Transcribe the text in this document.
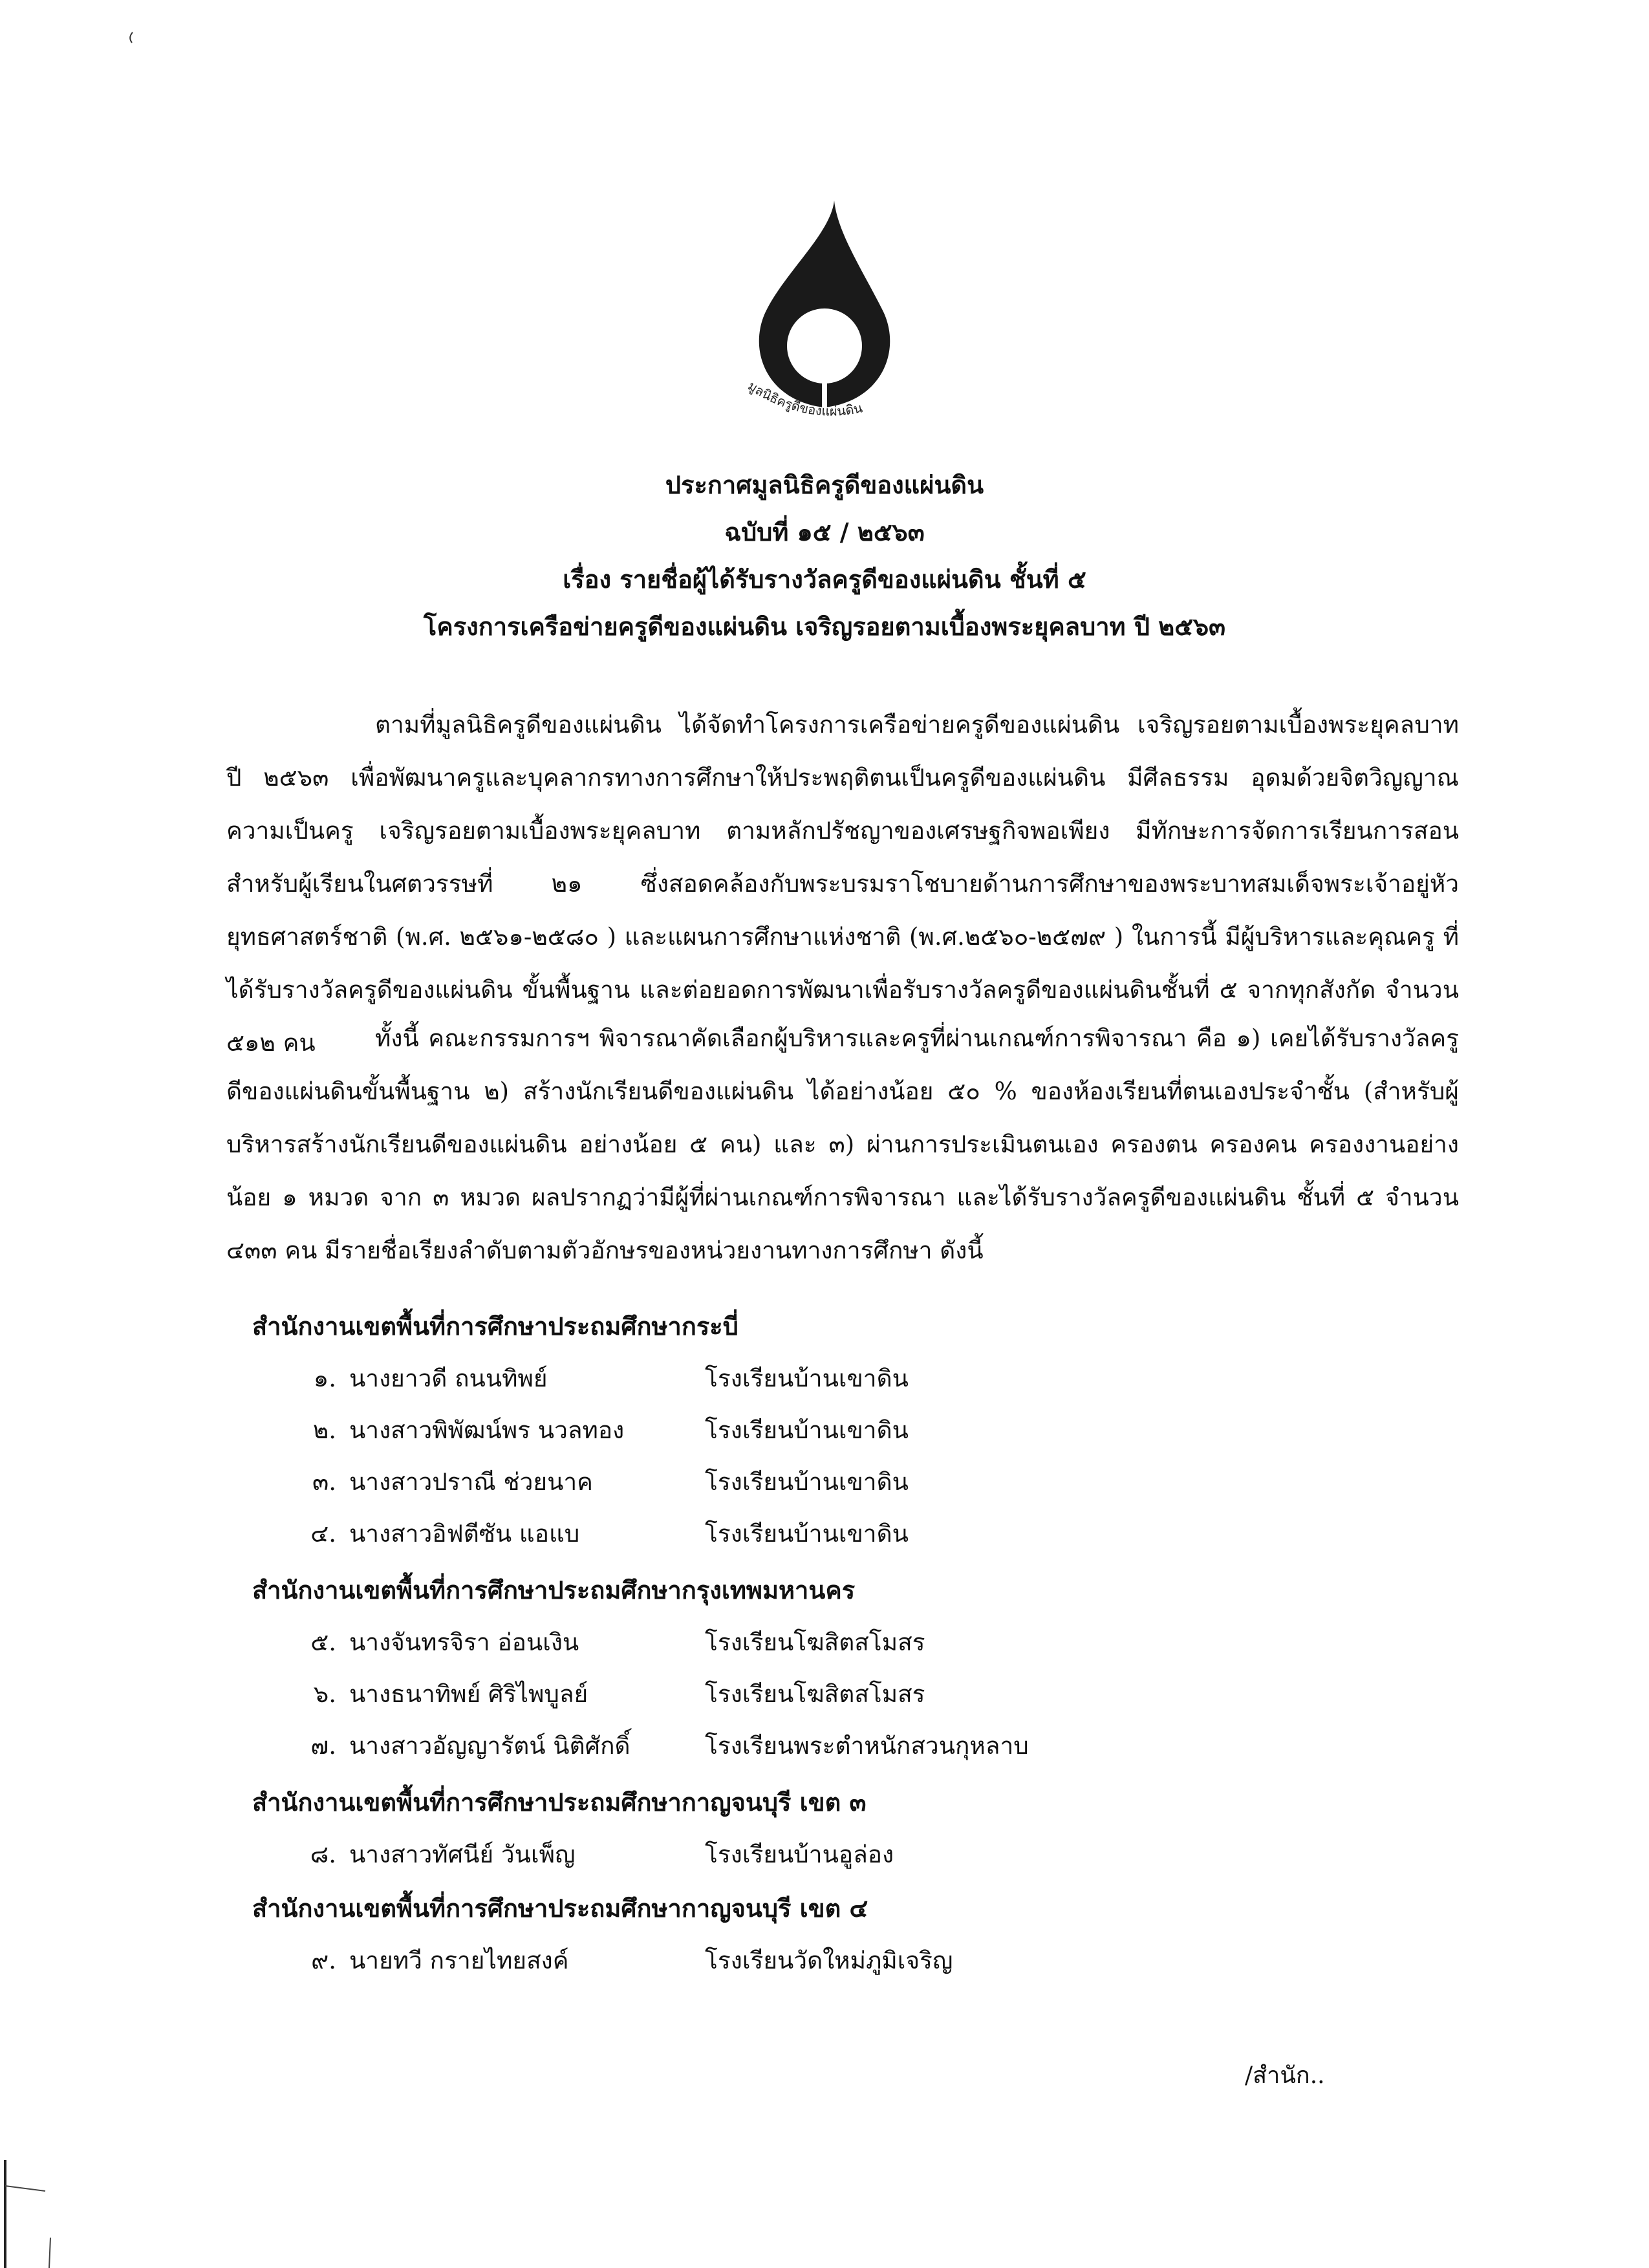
มูลนิธิครูดีของแผ่นดิน

ประกาศมูลนิธิครูดีของแผ่นดิน

ฉบับที่ ๑๕ / ๒๕๖๓

เรื่อง รายชื่อผู้ได้รับรางวัลครูดีของแผ่นดิน ชั้นที่ ๕

โครงการเครือข่ายครูดีของแผ่นดิน เจริญรอยตามเบื้องพระยุคลบาท ปี ๒๕๖๓

ตามที่มูลนิธิครูดีของแผ่นดิน ได้จัดทำโครงการเครือข่ายครูดีของแผ่นดิน เจริญรอยตามเบื้องพระยุคลบาท ปี ๒๕๖๓ เพื่อพัฒนาครูและบุคลากรทางการศึกษาให้ประพฤติตนเป็นครูดีของแผ่นดิน มีศีลธรรม อุดมด้วยจิตวิญญาณความเป็นครู เจริญรอยตามเบื้องพระยุคลบาท ตามหลักปรัชญาของเศรษฐกิจพอเพียง มีทักษะการจัดการเรียนการสอนสำหรับผู้เรียนในศตวรรษที่ ๒๑ ซึ่งสอดคล้องกับพระบรมราโชบายด้านการศึกษาของพระบาทสมเด็จพระเจ้าอยู่หัว ยุทธศาสตร์ชาติ (พ.ศ. ๒๕๖๑-๒๕๘๐ ) และแผนการศึกษาแห่งชาติ (พ.ศ.๒๕๖๐-๒๕๗๙ ) ในการนี้ มีผู้บริหารและคุณครู ที่ได้รับรางวัลครูดีของแผ่นดิน ขั้นพื้นฐาน และต่อยอดการพัฒนาเพื่อรับรางวัลครูดีของแผ่นดินชั้นที่ ๕ จากทุกสังกัด จำนวน ๕๑๒ คน	ทั้งนี้ คณะกรรมการฯ พิจารณาคัดเลือกผู้บริหารและครูที่ผ่านเกณฑ์การพิจารณา คือ ๑) เคยได้รับรางวัลครูดีของแผ่นดินขั้นพื้นฐาน ๒) สร้างนักเรียนดีของแผ่นดิน ได้อย่างน้อย ๕๐ % ของห้องเรียนที่ตนเองประจำชั้น (สำหรับผู้บริหารสร้างนักเรียนดีของแผ่นดิน อย่างน้อย ๕ คน) และ ๓) ผ่านการประเมินตนเอง ครองตน ครองคน ครองงานอย่างน้อย ๑ หมวด จาก ๓ หมวด ผลปรากฏว่ามีผู้ที่ผ่านเกณฑ์การพิจารณา และได้รับรางวัลครูดีของแผ่นดิน ชั้นที่ ๕ จำนวน ๔๓๓ คน มีรายชื่อเรียงลำดับตามตัวอักษรของหน่วยงานทางการศึกษา ดังนี้

สำนักงานเขตพื้นที่การศึกษาประถมศึกษากระบี่
๑. นางยาวดี ถนนทิพย์	โรงเรียนบ้านเขาดิน
๒. นางสาวพิพัฒน์พร นวลทอง	โรงเรียนบ้านเขาดิน
๓. นางสาวปราณี ช่วยนาค	โรงเรียนบ้านเขาดิน
๔. นางสาวอิฟตีซัน แอแบ	โรงเรียนบ้านเขาดิน
สำนักงานเขตพื้นที่การศึกษาประถมศึกษากรุงเทพมหานคร
๕. นางจันทรจิรา อ่อนเงิน	โรงเรียนโฆสิตสโมสร
๖. นางธนาทิพย์ ศิริไพบูลย์	โรงเรียนโฆสิตสโมสร
๗. นางสาวอัญญารัตน์ นิติศักดิ์	โรงเรียนพระตำหนักสวนกุหลาบ
สำนักงานเขตพื้นที่การศึกษาประถมศึกษากาญจนบุรี เขต ๓
๘. นางสาวทัศนีย์ วันเพ็ญ	โรงเรียนบ้านอูล่อง
สำนักงานเขตพื้นที่การศึกษาประถมศึกษากาญจนบุรี เขต ๔
๙. นายทวี กรายไทยสงค์	โรงเรียนวัดใหม่ภูมิเจริญ
/สำนัก..
